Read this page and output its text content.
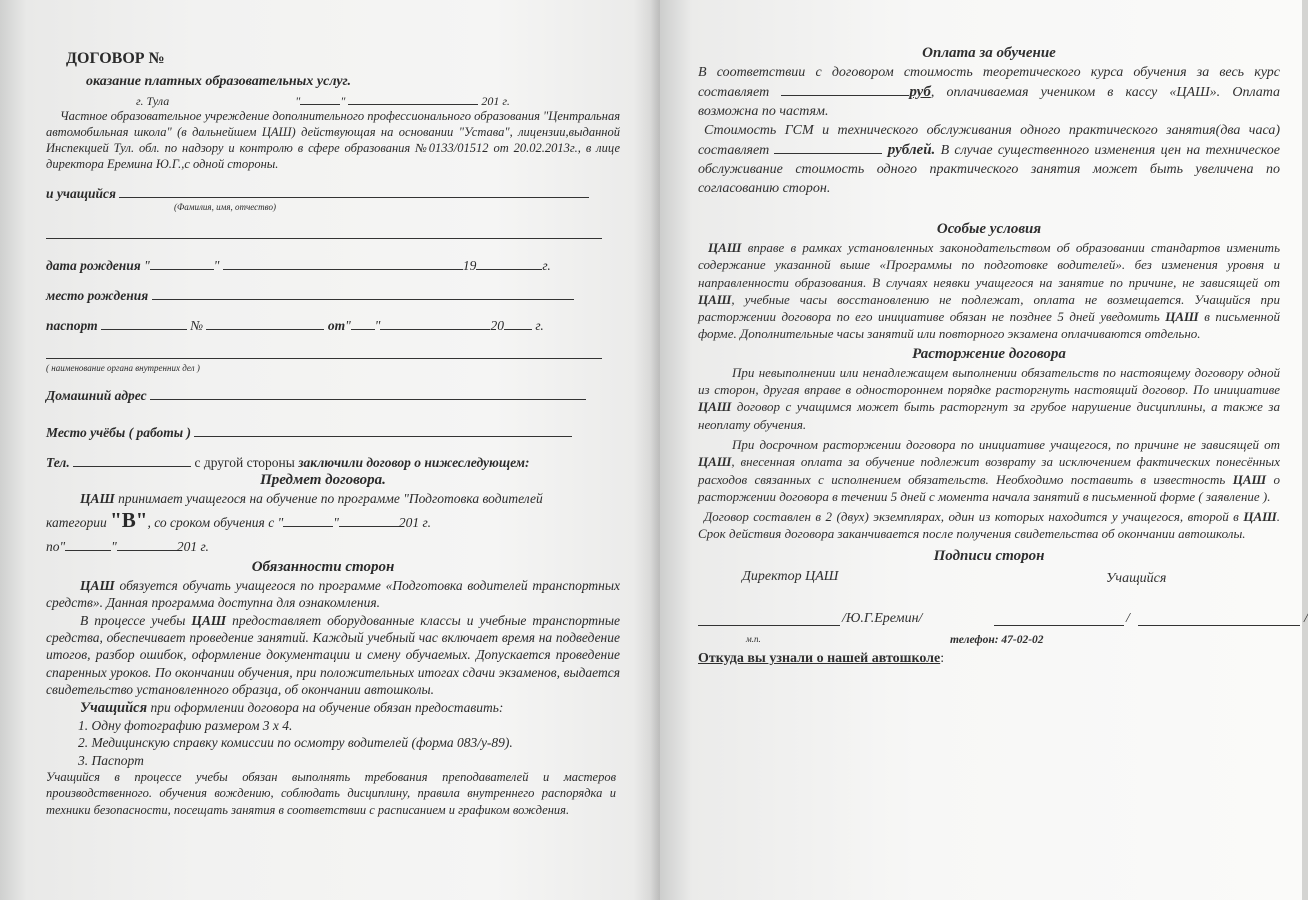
ДОГОВОР №
оказание платных образовательных услуг.
г. Тула	"	"	201 г.
Частное образовательное учреждение дополнительного профессионального образования "Центральная автомобильная школа" (в дальнейшем ЦАШ) действующая на основании "Устава", лицензии,выданной Инспекцией Тул. обл. по надзору и контролю в сфере образования №0133/01512 от 20.02.2013г., в лице директора Еремина Ю.Г.,с одной стороны.
и учащийся
(Фамилия, имя, отчество)
дата рождения "	"	19	г.
место рождения
паспорт	№	от" "	20 г.
( наименование органа внутренних дел )
Домашний адрес
Место учёбы ( работы )
Тел.	с другой стороны заключили договор о нижеследующем:
Предмет договора.
ЦАШ принимает учащегося на обучение по программе "Подготовка водителей
категории "В", со сроком обучения с "	"	201 г.
по"	"	201 г.
Обязанности сторон
ЦАШ обязуется обучать учащегося по программе «Подготовка водителей транспортных средств». Данная программа доступна для ознакомления.
В процессе учебы ЦАШ предоставляет оборудованные классы и учебные транспортные средства, обеспечивает проведение занятий. Каждый учебный час включает время на подведение итогов, разбор ошибок, оформление документации и смену обучаемых. Допускается проведение спаренных уроков. По окончании обучения, при положительных итогах сдачи экзаменов, выдается свидетельство установленного образца, об окончании автошколы.
Учащийся при оформлении договора на обучение обязан предоставить:
1. Одну фотографию размером 3 х 4.
2. Медицинскую справку комиссии по осмотру водителей (форма 083/у-89).
3. Паспорт
Учащийся в процессе учебы обязан выполнять требования преподавателей и мастеров производственного. обучения вождению, соблюдать дисциплину, правила внутреннего распорядка и техники безопасности, посещать занятия в соответствии с расписанием и графиком вождения.
Оплата за обучение
В соответствии с договором стоимость теоретического курса обучения за весь курс составляет	руб, оплачиваемая учеником в кассу «ЦАШ». Оплата возможна по частям.
Стоимость ГСМ и технического обслуживания одного практического занятия(два часа) составляет	рублей. В случае существенного изменения цен на техническое обслуживание стоимость одного практического занятия может быть увеличена по согласованию сторон.
Особые условия
ЦАШ вправе в рамках установленных законодательством об образовании стандартов изменить содержание указанной выше «Программы по подготовке водителей». без изменения уровня и направленности образования. В случаях неявки учащегося на занятие по причине, не зависящей от ЦАШ, учебные часы восстановлению не подлежат, оплата не возмещается. Учащийся при расторжении договора по его инициативе обязан не позднее 5 дней уведомить ЦАШ в письменной форме. Дополнительные часы занятий или повторного экзамена оплачиваются отдельно.
Расторжение договора
При невыполнении или ненадлежащем выполнении обязательств по настоящему договору одной из сторон, другая вправе в одностороннем порядке расторгнуть настоящий договор. По инициативе ЦАШ договор с учащимся может быть расторгнут за грубое нарушение дисциплины, а также за неоплату обучения.
При досрочном расторжении договора по инициативе учащегося, по причине не зависящей от ЦАШ, внесенная оплата за обучение подлежит возврату за исключением фактических понесённых расходов связанных с исполнением обязательств. Необходимо поставить в известность ЦАШ о расторжении договора в течении 5 дней с момента начала занятий в письменной форме ( заявление ).
Договор составлен в 2 (двух) экземплярах, один из которых находится у учащегося, второй в ЦАШ. Срок действия договора заканчивается после получения свидетельства об окончании автошколы.
Подписи сторон
Директор ЦАШ	Учащийся
/Ю.Г.Еремин/	/	/
м.п.	телефон: 47-02-02
Откуда вы узнали о нашей автошколе:
